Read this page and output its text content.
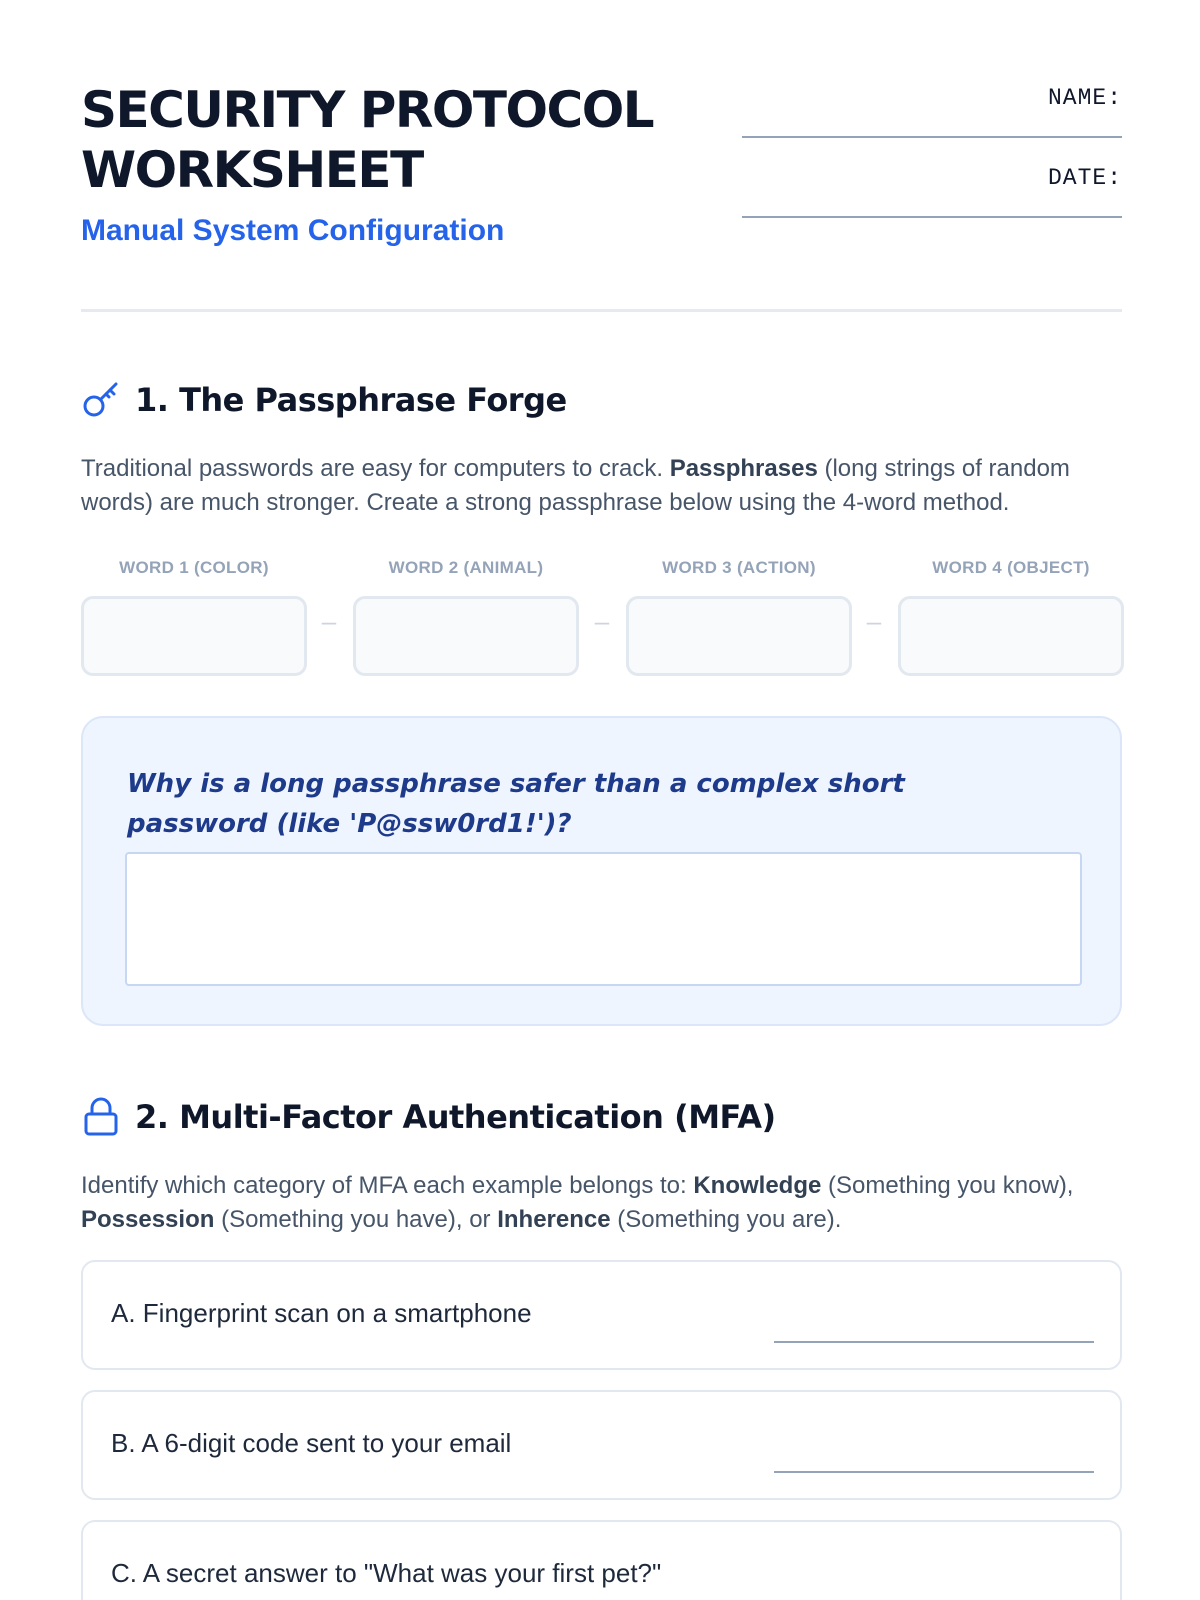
SECURITY PROTOCOL
WORKSHEET
Manual System Configuration
NAME:
DATE:
1. The Passphrase Forge

Traditional passwords are easy for computers to crack. Passphrases (long strings of random words) are much stronger. Create a strong passphrase below using the 4-word method.

WORD 1 (COLOR)	WORD 2 (ANIMAL)	WORD 3 (ACTION)	WORD 4 (OBJECT)
–	–	–

Why is a long passphrase safer than a complex short password (like 'P@ssw0rd1!')?

2. Multi-Factor Authentication (MFA)

Identify which category of MFA each example belongs to: Knowledge (Something you know), Possession (Something you have), or Inherence (Something you are).

A. Fingerprint scan on a smartphone
B. A 6-digit code sent to your email
C. A secret answer to "What was your first pet?"
